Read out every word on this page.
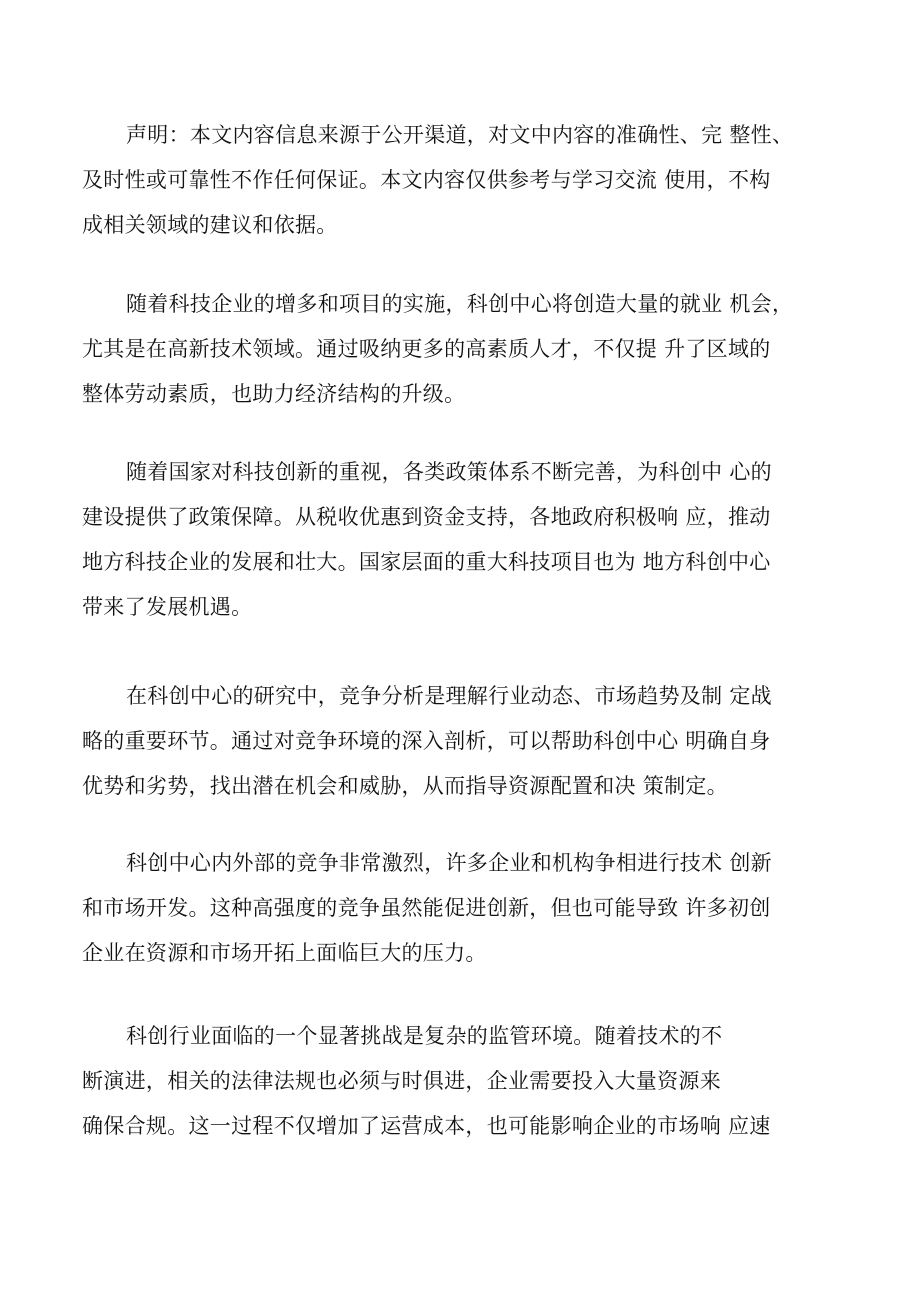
声明：本文内容信息来源于公开渠道，对文中内容的准确性、完 整性、
及时性或可靠性不作任何保证。本文内容仅供参考与学习交流 使用，不构
成相关领域的建议和依据。

随着科技企业的增多和项目的实施，科创中心将创造大量的就业 机会，
尤其是在高新技术领域。通过吸纳更多的高素质人才，不仅提 升了区域的
整体劳动素质，也助力经济结构的升级。

随着国家对科技创新的重视，各类政策体系不断完善，为科创中 心的
建设提供了政策保障。从税收优惠到资金支持，各地政府积极响 应，推动
地方科技企业的发展和壮大。国家层面的重大科技项目也为 地方科创中心
带来了发展机遇。

在科创中心的研究中，竞争分析是理解行业动态、市场趋势及制 定战
略的重要环节。通过对竞争环境的深入剖析，可以帮助科创中心 明确自身
优势和劣势，找出潜在机会和威胁，从而指导资源配置和决 策制定。

科创中心内外部的竞争非常激烈，许多企业和机构争相进行技术 创新
和市场开发。这种高强度的竞争虽然能促进创新，但也可能导致 许多初创
企业在资源和市场开拓上面临巨大的压力。

科创行业面临的一个显著挑战是复杂的监管环境。随着技术的不
断演进，相关的法律法规也必须与时俱进，企业需要投入大量资源来
确保合规。这一过程不仅增加了运营成本，也可能影响企业的市场响 应速
